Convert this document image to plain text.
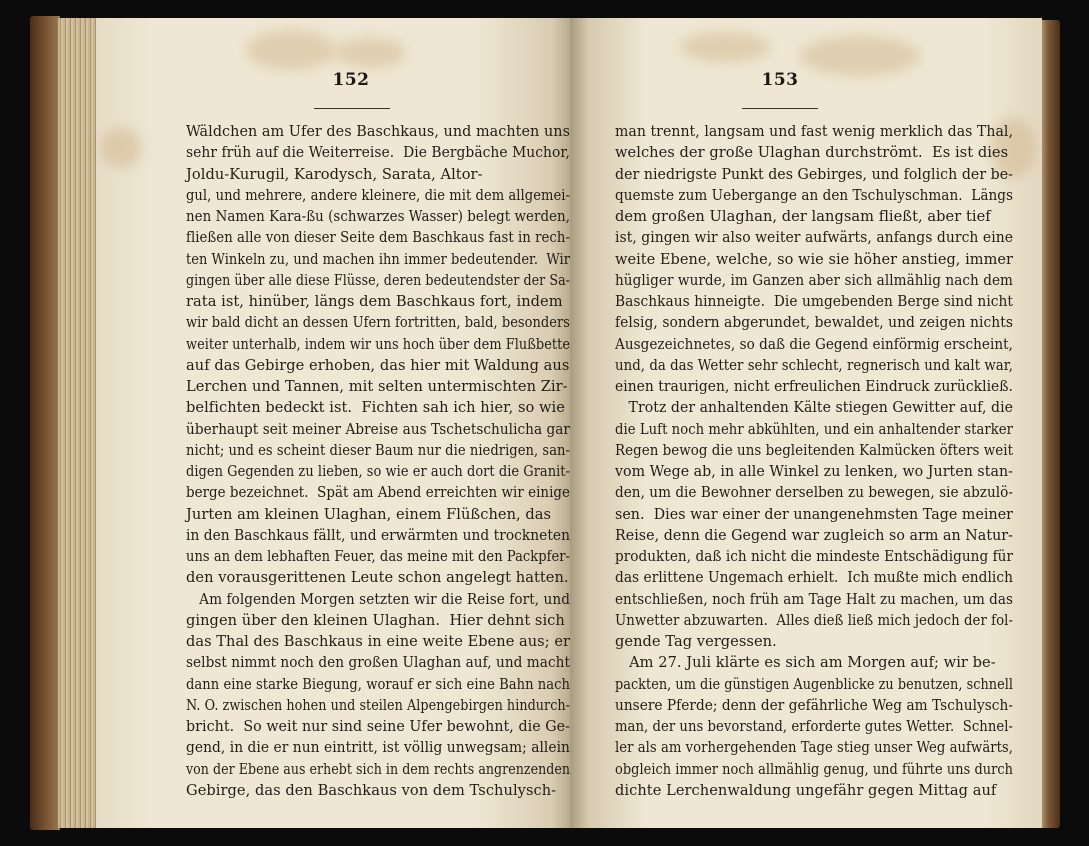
152
Wäldchen am Ufer des Baschkaus, und machten uns
sehr früh auf die Weiterreise.  Die Bergbäche Muchor,
Joldu-Kurugil, Karodysch, Sarata, Altor-
gul, und mehrere, andere kleinere, die mit dem allgemei-
nen Namen Kara-ßu (schwarzes Wasser) belegt werden,
fließen alle von dieser Seite dem Baschkaus fast in rech-
ten Winkeln zu, und machen ihn immer bedeutender.  Wir
gingen über alle diese Flüsse, deren bedeutendster der Sa-
rata ist, hinüber, längs dem Baschkaus fort, indem
wir bald dicht an dessen Ufern fortritten, bald, besonders
weiter unterhalb, indem wir uns hoch über dem Flußbette
auf das Gebirge erhoben, das hier mit Waldung aus
Lerchen und Tannen, mit selten untermischten Zir-
belfichten bedeckt ist.  Fichten sah ich hier, so wie
überhaupt seit meiner Abreise aus Tschetschulicha gar
nicht; und es scheint dieser Baum nur die niedrigen, san-
digen Gegenden zu lieben, so wie er auch dort die Granit-
berge bezeichnet.  Spät am Abend erreichten wir einige
Jurten am kleinen Ulaghan, einem Flüßchen, das
in den Baschkaus fällt, und erwärmten und trockneten
uns an dem lebhaften Feuer, das meine mit den Packpfer-
den vorausgerittenen Leute schon angelegt hatten.
Am folgenden Morgen setzten wir die Reise fort, und
gingen über den kleinen Ulaghan.  Hier dehnt sich
das Thal des Baschkaus in eine weite Ebene aus; er
selbst nimmt noch den großen Ulaghan auf, und macht
dann eine starke Biegung, worauf er sich eine Bahn nach
N. O. zwischen hohen und steilen Alpengebirgen hindurch-
bricht.  So weit nur sind seine Ufer bewohnt, die Ge-
gend, in die er nun eintritt, ist völlig unwegsam; allein
von der Ebene aus erhebt sich in dem rechts angrenzenden
Gebirge, das den Baschkaus von dem Tschulysch-
153
man trennt, langsam und fast wenig merklich das Thal,
welches der große Ulaghan durchströmt.  Es ist dies
der niedrigste Punkt des Gebirges, und folglich der be-
quemste zum Uebergange an den Tschulyschman.  Längs
dem großen Ulaghan, der langsam fließt, aber tief
ist, gingen wir also weiter aufwärts, anfangs durch eine
weite Ebene, welche, so wie sie höher anstieg, immer
hügliger wurde, im Ganzen aber sich allmählig nach dem
Baschkaus hinneigte.  Die umgebenden Berge sind nicht
felsig, sondern abgerundet, bewaldet, und zeigen nichts
Ausgezeichnetes, so daß die Gegend einförmig erscheint,
und, da das Wetter sehr schlecht, regnerisch und kalt war,
einen traurigen, nicht erfreulichen Eindruck zurückließ.
Trotz der anhaltenden Kälte stiegen Gewitter auf, die
die Luft noch mehr abkühlten, und ein anhaltender starker
Regen bewog die uns begleitenden Kalmücken öfters weit
vom Wege ab, in alle Winkel zu lenken, wo Jurten stan-
den, um die Bewohner derselben zu bewegen, sie abzulö-
sen.  Dies war einer der unangenehmsten Tage meiner
Reise, denn die Gegend war zugleich so arm an Natur-
produkten, daß ich nicht die mindeste Entschädigung für
das erlittene Ungemach erhielt.  Ich mußte mich endlich
entschließen, noch früh am Tage Halt zu machen, um das
Unwetter abzuwarten.  Alles dieß ließ mich jedoch der fol-
gende Tag vergessen.
Am 27. Juli klärte es sich am Morgen auf; wir be-
packten, um die günstigen Augenblicke zu benutzen, schnell
unsere Pferde; denn der gefährliche Weg am Tschulysch-
man, der uns bevorstand, erforderte gutes Wetter.  Schnel-
ler als am vorhergehenden Tage stieg unser Weg aufwärts,
obgleich immer noch allmählig genug, und führte uns durch
dichte Lerchenwaldung ungefähr gegen Mittag auf
